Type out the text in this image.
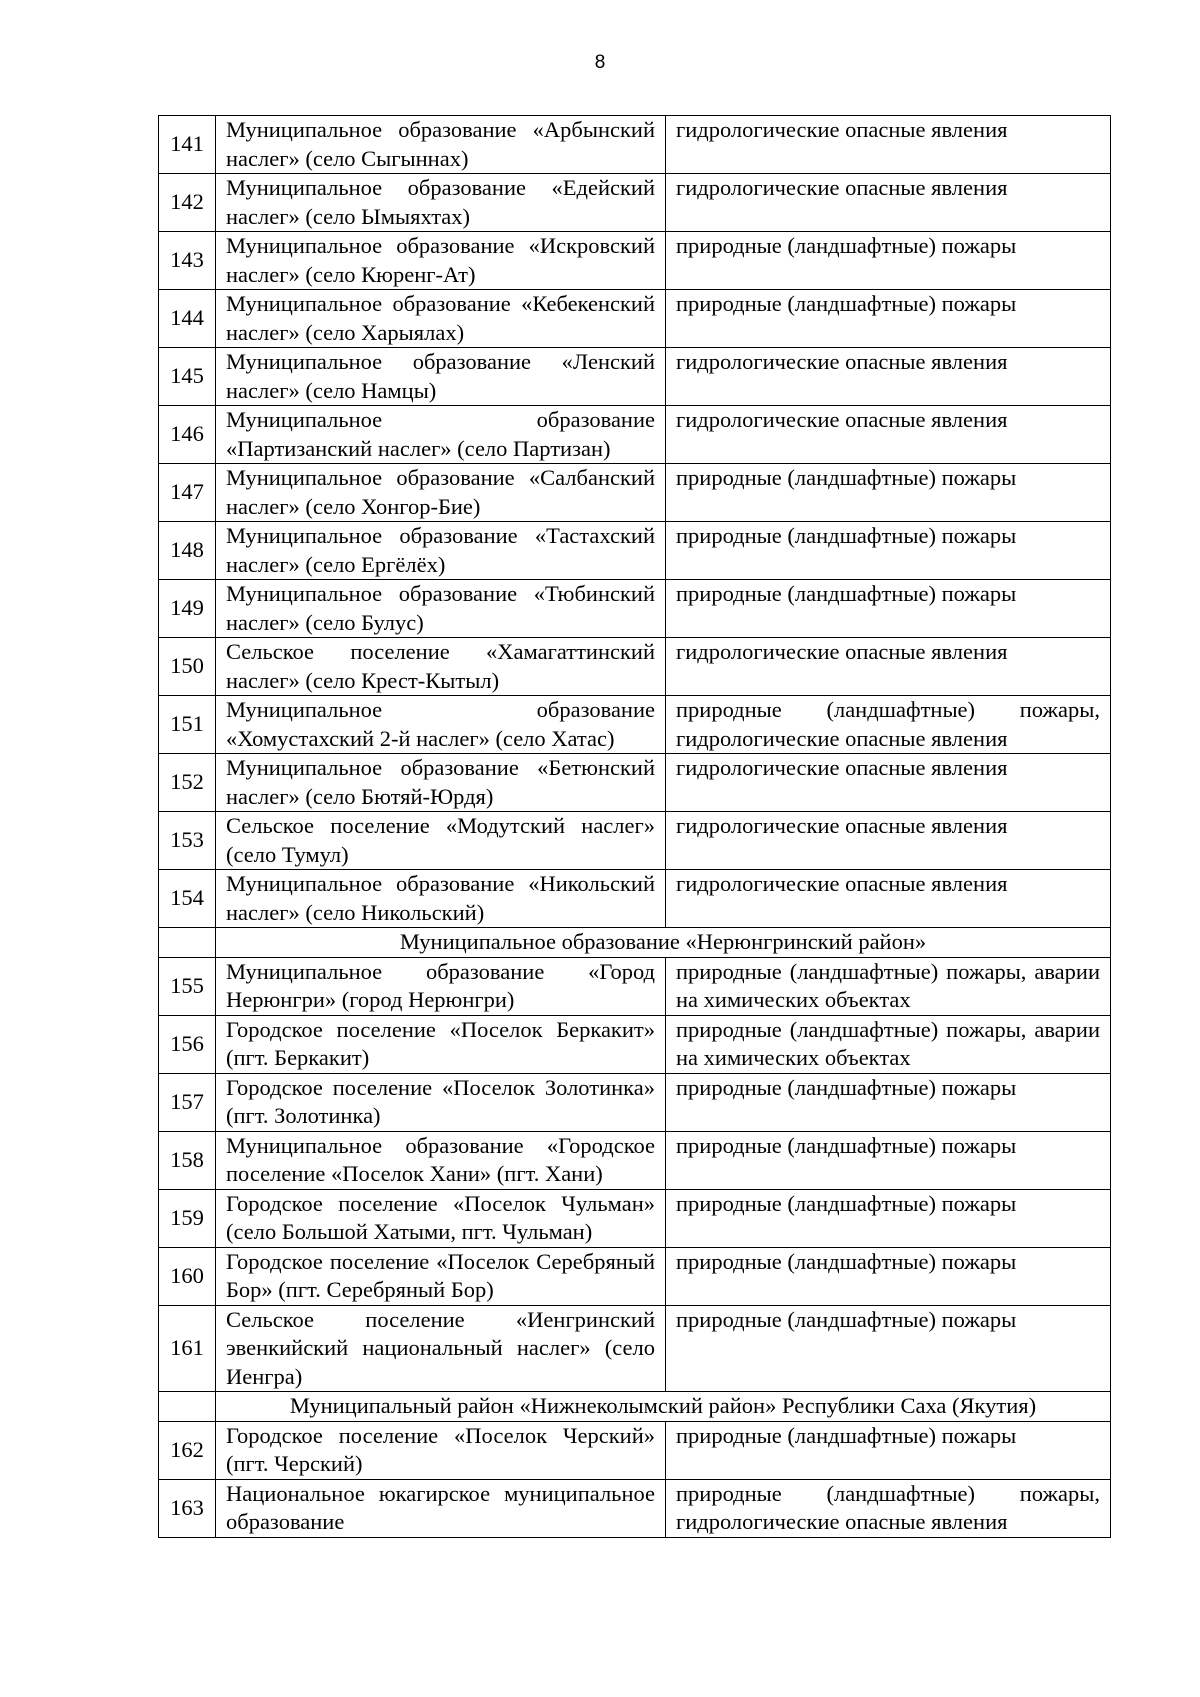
8
141	Муниципальное образование «Арбынский наслег» (село Сыгыннах)	гидрологические опасные явления
142	Муниципальное образование «Едейский наслег» (село Ымыяхтах)	гидрологические опасные явления
143	Муниципальное образование «Искровский наслег» (село Кюренг-Ат)	природные (ландшафтные) пожары
144	Муниципальное образование «Кебекенский наслег» (село Харыялах)	природные (ландшафтные) пожары
145	Муниципальное образование «Ленский наслег» (село Намцы)	гидрологические опасные явления
146	Муниципальное образование «Партизанский наслег» (село Партизан)	гидрологические опасные явления
147	Муниципальное образование «Салбанский наслег» (село Хонгор-Бие)	природные (ландшафтные) пожары
148	Муниципальное образование «Тастахский наслег» (село Ергёлёх)	природные (ландшафтные) пожары
149	Муниципальное образование «Тюбинский наслег» (село Булус)	природные (ландшафтные) пожары
150	Сельское поселение «Хамагаттинский наслег» (село Крест-Кытыл)	гидрологические опасные явления
151	Муниципальное образование «Хомустахский 2-й наслег» (село Хатас)	природные (ландшафтные) пожары, гидрологические опасные явления
152	Муниципальное образование «Бетюнский наслег» (село Бютяй-Юрдя)	гидрологические опасные явления
153	Сельское поселение «Модутский наслег» (село Тумул)	гидрологические опасные явления
154	Муниципальное образование «Никольский наслег» (село Никольский)	гидрологические опасные явления
	Муниципальное образование «Нерюнгринский район»	
155	Муниципальное образование «Город Нерюнгри» (город Нерюнгри)	природные (ландшафтные) пожары, аварии на химических объектах
156	Городское поселение «Поселок Беркакит» (пгт. Беркакит)	природные (ландшафтные) пожары, аварии на химических объектах
157	Городское поселение «Поселок Золотинка» (пгт. Золотинка)	природные (ландшафтные) пожары
158	Муниципальное образование «Городское поселение «Поселок Хани» (пгт. Хани)	природные (ландшафтные) пожары
159	Городское поселение «Поселок Чульман» (село Большой Хатыми, пгт. Чульман)	природные (ландшафтные) пожары
160	Городское поселение «Поселок Серебряный Бор» (пгт. Серебряный Бор)	природные (ландшафтные) пожары
161	Сельское поселение «Иенгринский эвенкийский национальный наслег» (село Иенгра)	природные (ландшафтные) пожары
	Муниципальный район «Нижнеколымский район» Республики Саха (Якутия)	
162	Городское поселение «Поселок Черский» (пгт. Черский)	природные (ландшафтные) пожары
163	Национальное юкагирское муниципальное образование	природные (ландшафтные) пожары, гидрологические опасные явления
